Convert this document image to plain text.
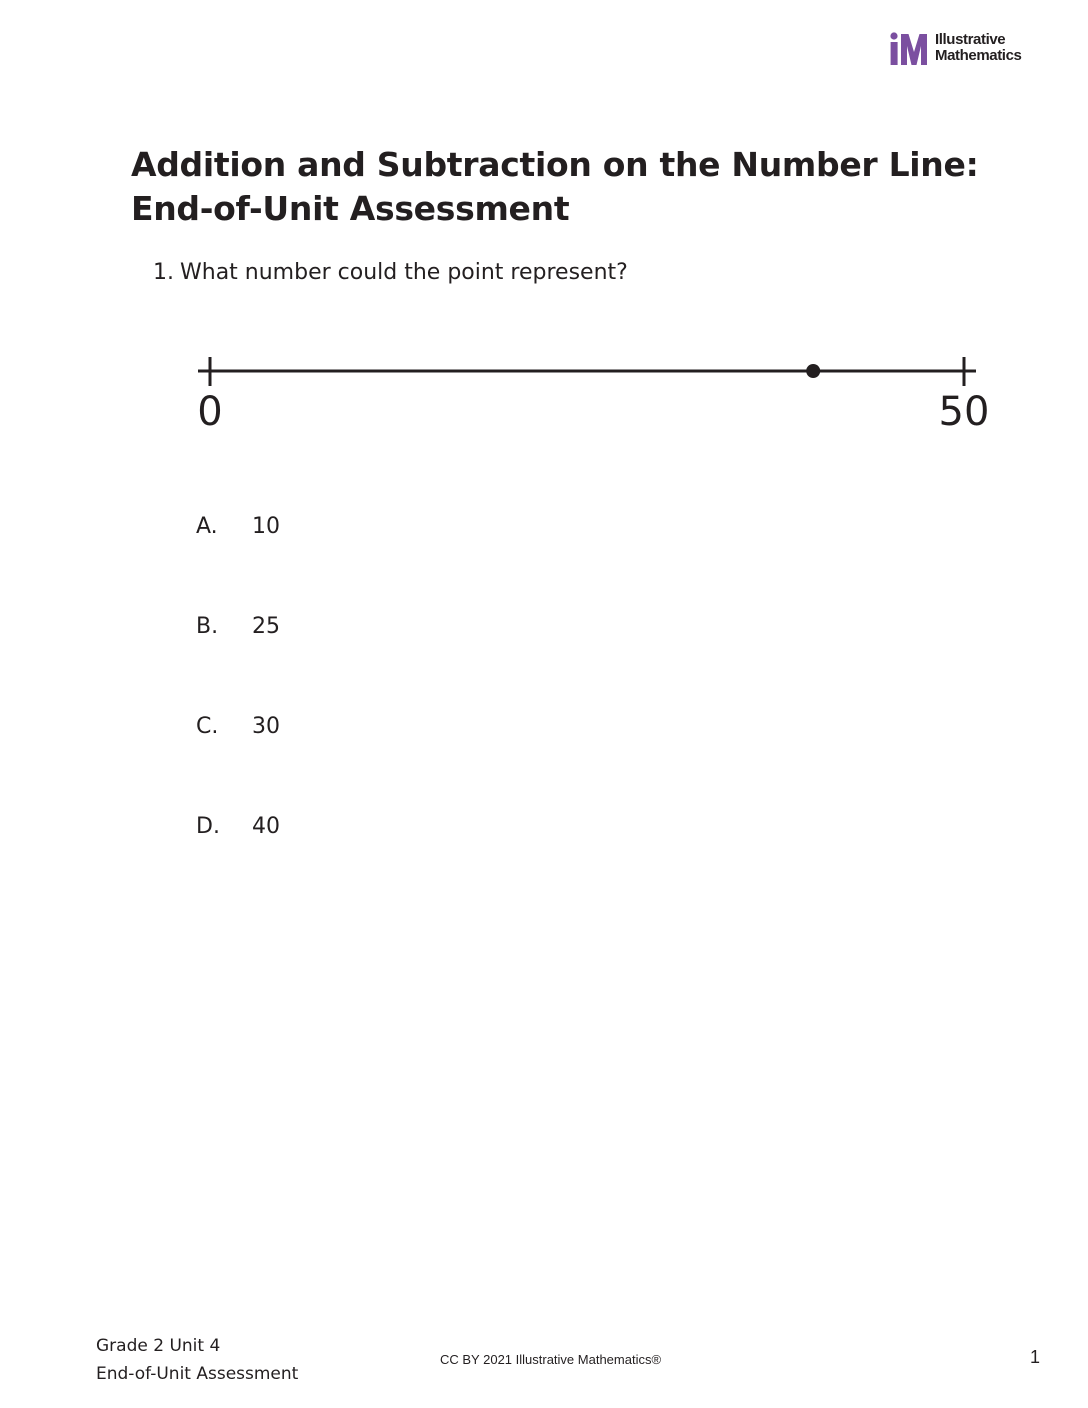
Illustrative
Mathematics
Addition and Subtraction on the Number Line:
End-of-Unit Assessment
1. What number could the point represent?
0	50
A.	10
B.	25
C.	30
D.	40
Grade 2 Unit 4
End-of-Unit Assessment
CC BY 2021 Illustrative Mathematics®	1
